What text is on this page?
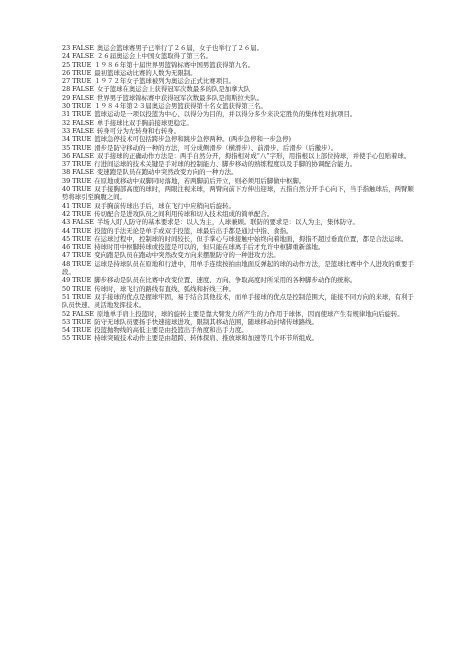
23 FALSE 奥运会篮球赛男子已举行了２６届，女子也举行了２６届。

24 FALSE ２６届奥运会上中国女篮取得了第三名。

25 TRUE １９８６年第十届世界男篮锦标赛中国男篮获得第九名。

26 TRUE 最初篮球运动比赛的人数为无限制。

27 TRUE １９７２年女子篮球被列为奥运会正式比赛项目。

28 FALSE 女子篮球在奥运会上获得冠军次数最多的队是加拿大队

29 FALSE 世界男子篮球锦标赛中获得冠军次数最多队是南斯拉夫队。

30 TRUE １９８４年第２３届奥运会男篮获得第十名女篮获得第三名。

31 TRUE 篮球运动是一项以投篮为中心、以得分为目的，并以得分多少来决定胜负的集体性对抗项目。

32 FALSE 单手接球比双手胸前接球更稳定。

33 FALSE 转身可分为左转身和右转身。

34 TRUE 篮球急停技术可包括跨步急停和跳步急停两种。(两步急停和一步急停)

35 TRUE 滑步是防守移动的一种的方法，可分成侧滑步（横滑步）、前滑步、后滑步（后撤步）。

36 FALSE 双手接球的正确动作方法是：两手自然分开，拇指相对成“八”字形，用指根以上部位持球，并使手心包贴着球。

37 TRUE 行进间运球的技术关键是手对球的控制能力、脚步移动的熟练程度以及手脚的协调配合能力。

38 FALSE 变速跑是队员在跑动中突然改变方向的一种方法。

39 TRUE 在原地或移动中双脚同时落地，若两脚前后开立，则必须用后脚做中枢脚。

40 TRUE 双手接胸部高度的球时，两眼注视来球，两臂向前下方伸出迎球，五指自然分开手心向下，当手指触球后，两臂顺势将球引至胸腹之间。

41 TRUE 双手胸前传球出手后，球在飞行中应稍向后旋转。

42 TRUE 传切配合是进攻队员之间利用传球和切入技术组成的简单配合。

43 FALSE 半场人盯人防守的基本要求是：以人为主，人球兼顾。联防的要求是：以人为主，集体防守。

44 TRUE 投篮的手法无论是单手或双手投篮，球最后出手都是通过中指、食指。

45 TRUE 在运球过程中，控制球的时间较长，但手掌心与球接触中始终向着地面，拇指不超过垂直位置，都是合法运球。

46 TRUE 持球时用中枢脚转球或投篮是可以的，但只能在球离手后才允许中枢脚重新落地。

47 TRUE 变向跑是队员在跑动中突然改变方向来摆脱防守的一种进攻方法。

48 TRUE 运球是持球队员在原地和行进中，用单手连续按拍由地面反弹起的球的动作方法，是篮球比赛中个人进攻的重要手段。

49 TRUE 脚步移动是队员在比赛中改变位置、速度、方向、争取高度时所采用的各种脚步动作的统称。

50 TRUE 传球时，球飞行的路线有直线、弧线和折线三种。

51 TRUE 双手接球的优点是握球牢固，易于结合其他技术，而单手接球的优点是控制范围大，能接不同方向的来球，有利于队员快速、灵活地发挥技术。

52 FALSE 原地单手肩上投篮时，球的旋转主要是靠大臂发力所产生的力作用于球体，因而使球产生有规律地向后旋转。

53 TRUE 防守无球队员要扬手快速接球进攻，限制其移动范围，随球移动封堵传球路线。

54 TRUE 投篮抛物线的高低主要是由投篮出手角度和出手力度。

55 TRUE 持球突破技术动作主要是由超跨、转体探肩、推放球和加速等几个环节所组成。
